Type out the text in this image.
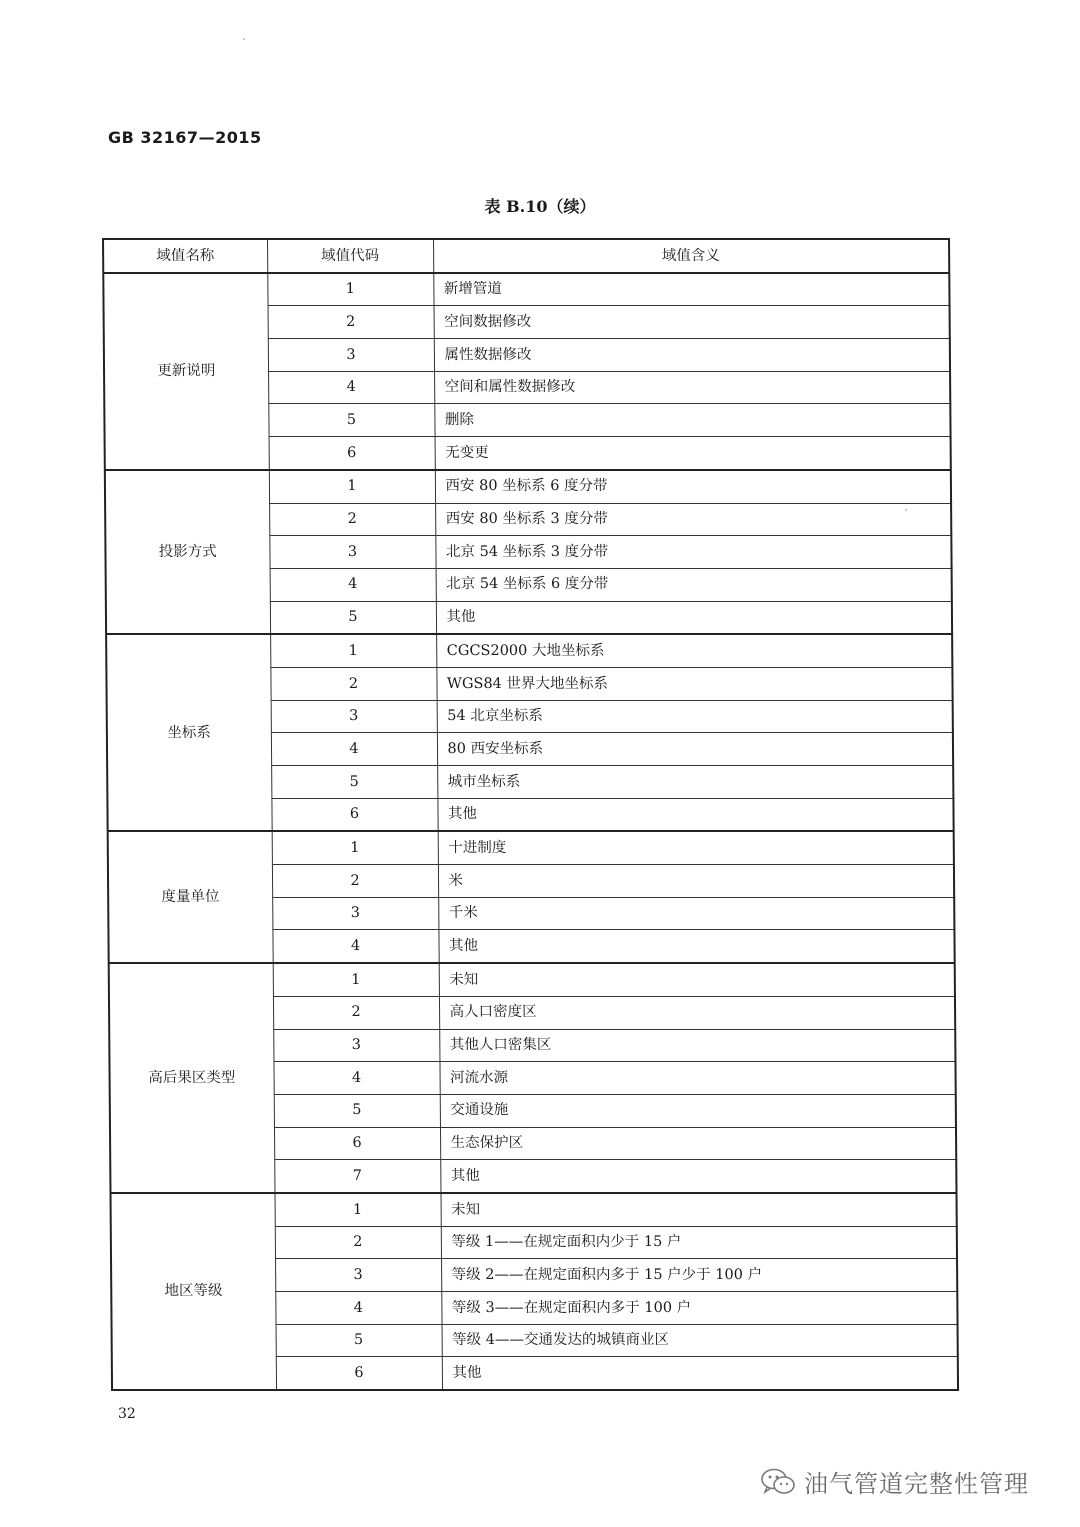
GB 32167—2015
表 B.10（续）
域值名称	域值代码	域值含义
更新说明	1	新增管道
	2	空间数据修改
	3	属性数据修改
	4	空间和属性数据修改
	5	删除
	6	无变更
投影方式	1	西安 80 坐标系 6 度分带
	2	西安 80 坐标系 3 度分带
	3	北京 54 坐标系 3 度分带
	4	北京 54 坐标系 6 度分带
	5	其他
坐标系	1	CGCS2000 大地坐标系
	2	WGS84 世界大地坐标系
	3	54 北京坐标系
	4	80 西安坐标系
	5	城市坐标系
	6	其他
度量单位	1	十进制度
	2	米
	3	千米
	4	其他
高后果区类型	1	未知
	2	高人口密度区
	3	其他人口密集区
	4	河流水源
	5	交通设施
	6	生态保护区
	7	其他
地区等级	1	未知
	2	等级 1——在规定面积内少于 15 户
	3	等级 2——在规定面积内多于 15 户少于 100 户
	4	等级 3——在规定面积内多于 100 户
	5	等级 4——交通发达的城镇商业区
	6	其他
32
油气管道完整性管理
